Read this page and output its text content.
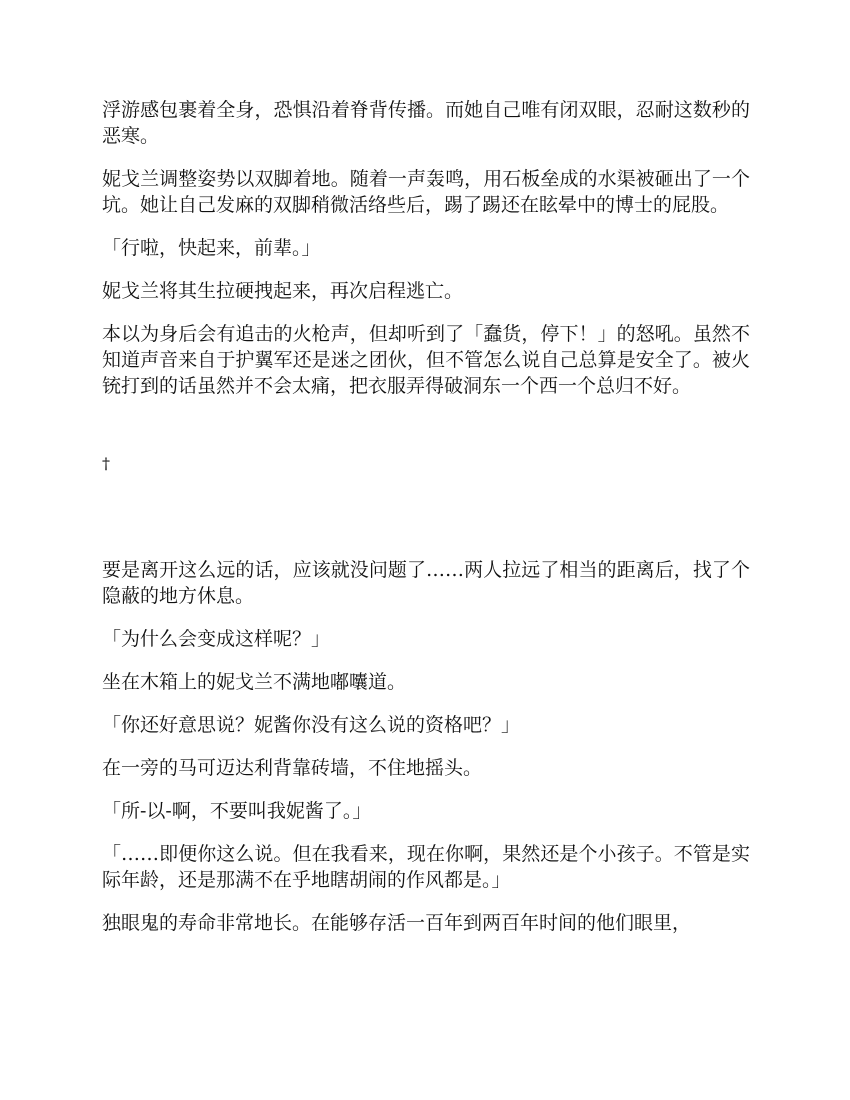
浮游感包裹着全身，恐惧沿着脊背传播。而她自己唯有闭双眼，忍耐这数秒的恶寒。

妮戈兰调整姿势以双脚着地。随着一声轰鸣，用石板垒成的水渠被砸出了一个坑。她让自己发麻的双脚稍微活络些后，踢了踢还在眩晕中的博士的屁股。

「行啦，快起来，前辈。」

妮戈兰将其生拉硬拽起来，再次启程逃亡。

本以为身后会有追击的火枪声，但却听到了「蠢货，停下！」的怒吼。虽然不知道声音来自于护翼军还是迷之团伙，但不管怎么说自己总算是安全了。被火铳打到的话虽然并不会太痛，把衣服弄得破洞东一个西一个总归不好。

†

要是离开这么远的话，应该就没问题了……两人拉远了相当的距离后，找了个隐蔽的地方休息。

「为什么会变成这样呢？」

坐在木箱上的妮戈兰不满地嘟囔道。

「你还好意思说？妮酱你没有这么说的资格吧？」

在一旁的马可迈达利背靠砖墙，不住地摇头。

「所-以-啊，不要叫我妮酱了。」

「……即便你这么说。但在我看来，现在你啊，果然还是个小孩子。不管是实际年龄，还是那满不在乎地瞎胡闹的作风都是。」

独眼鬼的寿命非常地长。在能够存活一百年到两百年时间的他们眼里，
